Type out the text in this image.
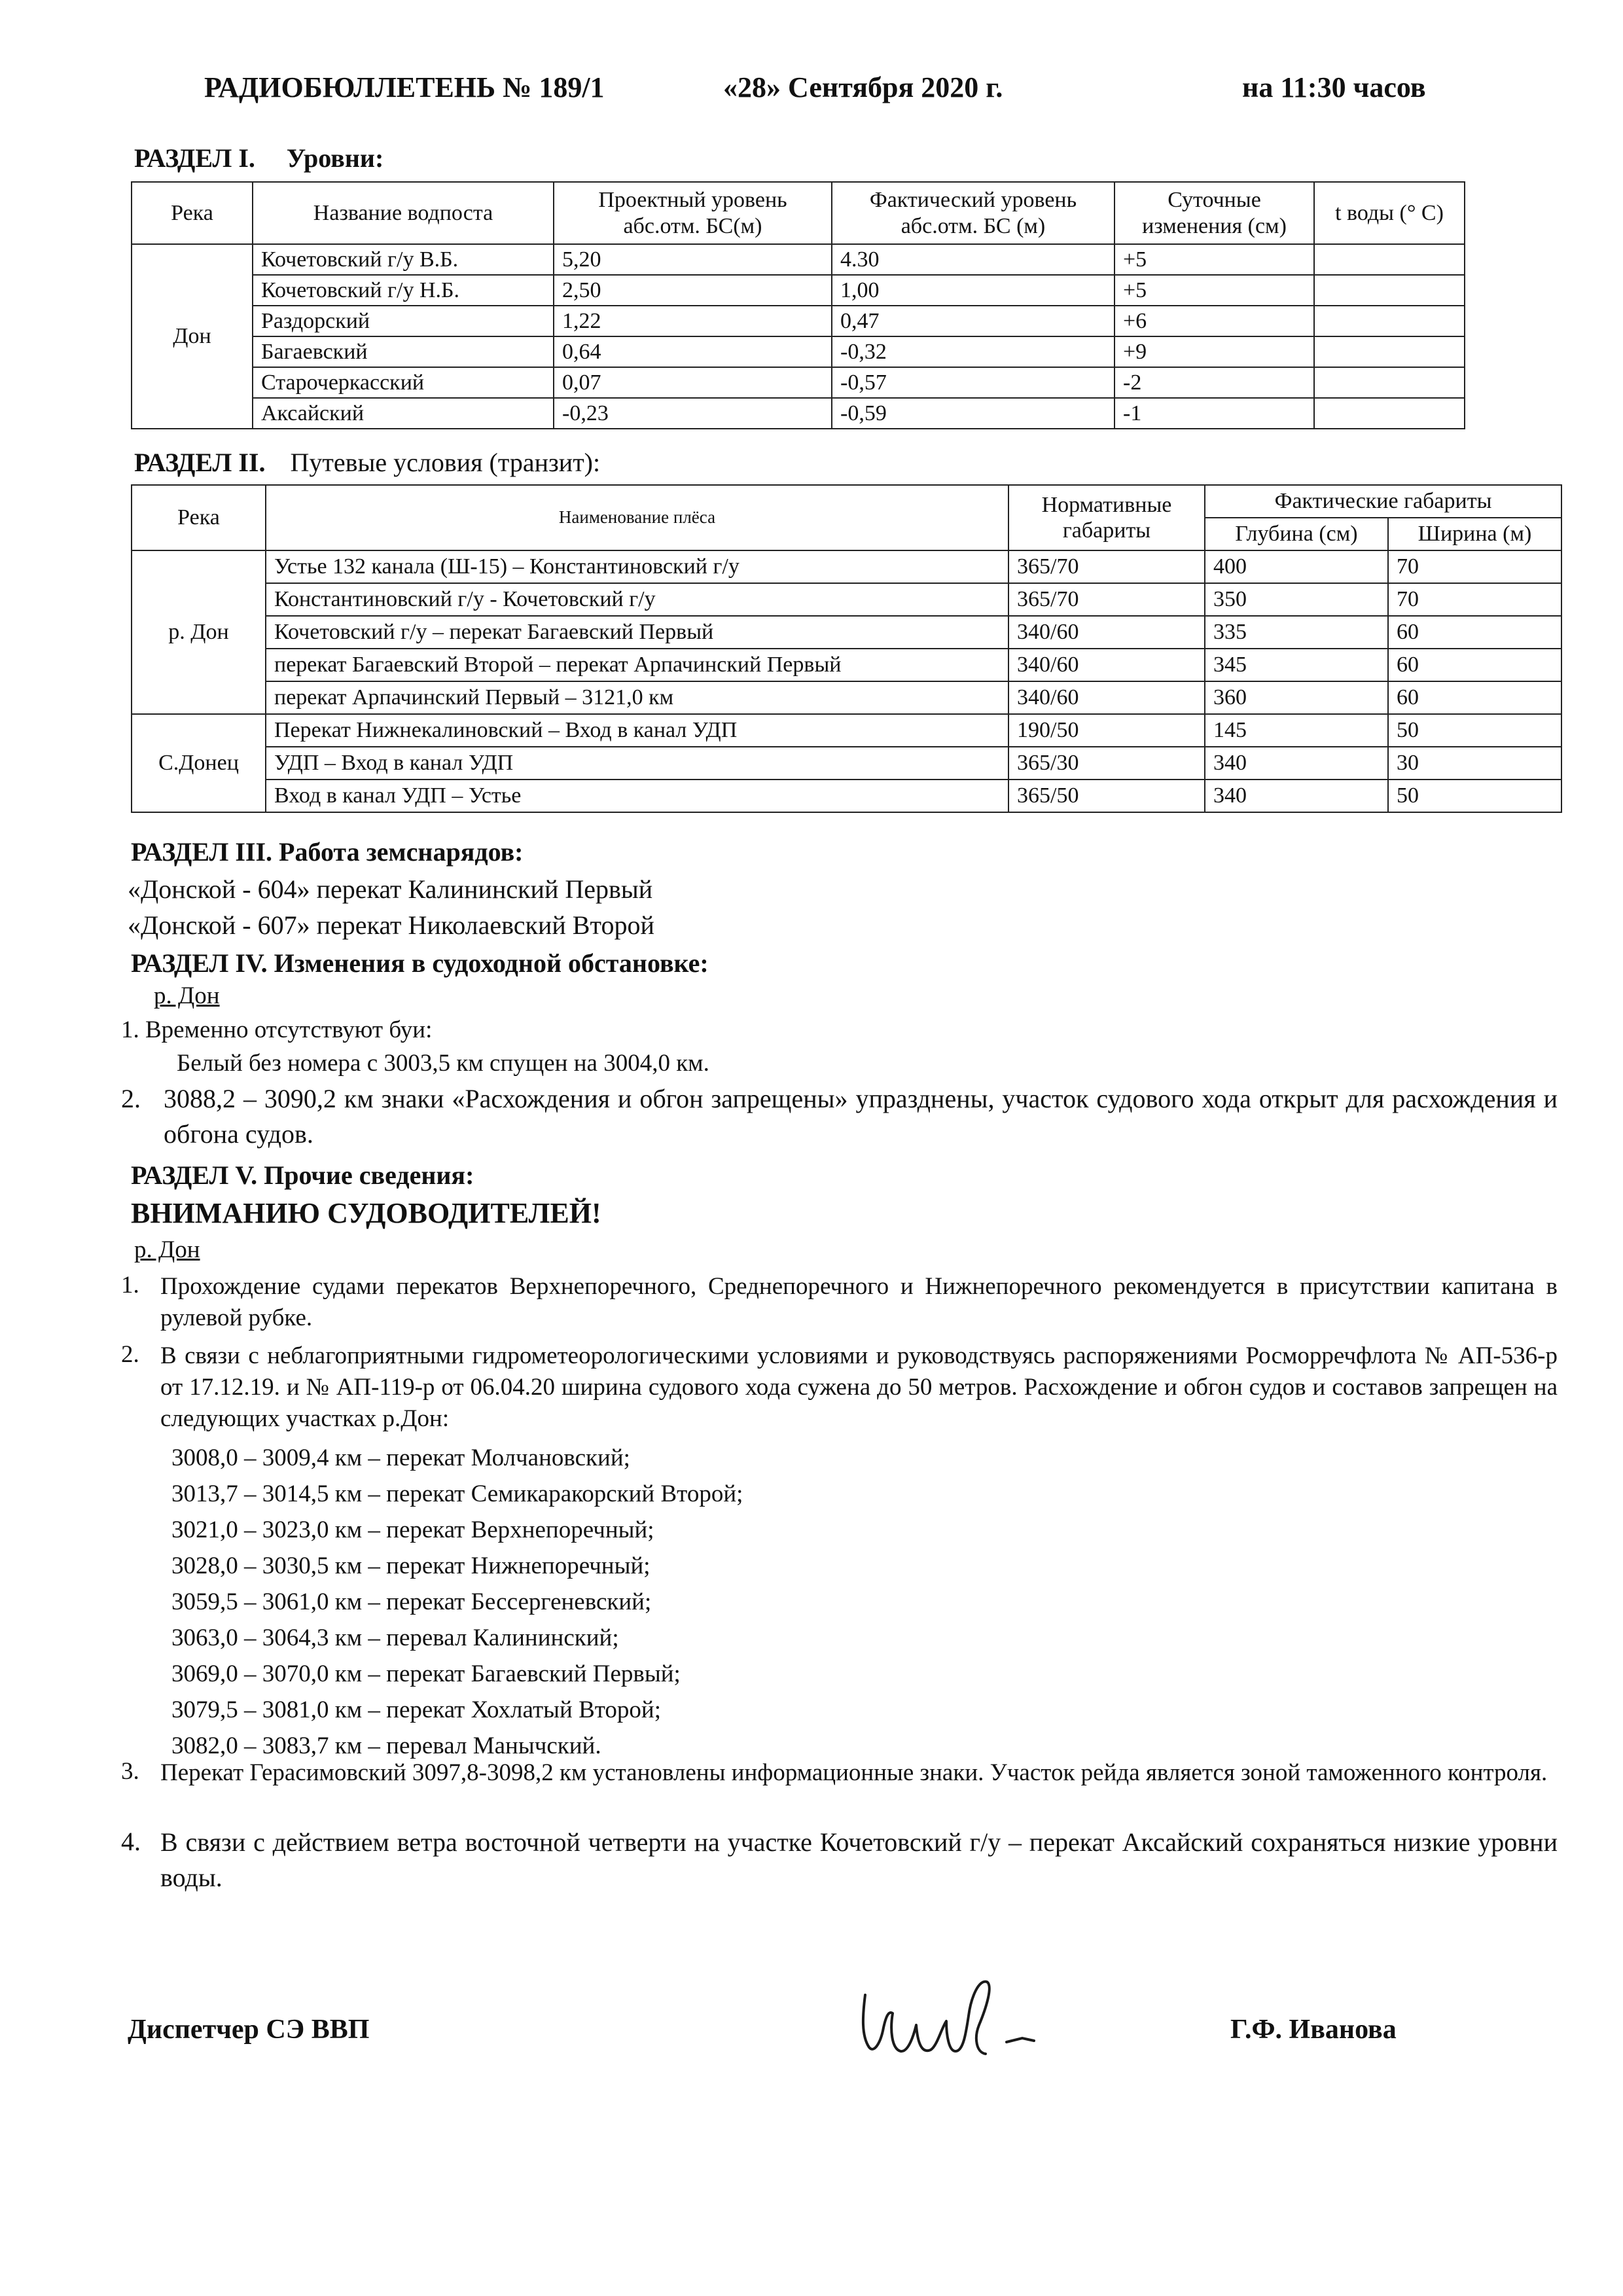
РАДИОБЮЛЛЕТЕНЬ № 189/1	«28» Сентября 2020 г.	на 11:30 часов
РАЗДЕЛ I. Уровни:
Река	Название водпоста	Проектный уровень абс.отм. БС(м)	Фактический уровень абс.отм. БС (м)	Суточные изменения (см)	t воды (° С)
Дон	Кочетовский г/у В.Б.	5,20	4.30	+5	
	Кочетовский г/у Н.Б.	2,50	1,00	+5	
	Раздорский	1,22	0,47	+6	
	Багаевский	0,64	-0,32	+9	
	Старочеркасский	0,07	-0,57	-2	
	Аксайский	-0,23	-0,59	-1	
РАЗДЕЛ II. Путевые условия (транзит):
Река	Наименование плёса	Нормативные габариты	Фактические габариты	
			Глубина (см)	Ширина (м)
р. Дон	Устье 132 канала (Ш-15) – Константиновский г/у	365/70	400	70
	Константиновский г/у - Кочетовский г/у	365/70	350	70
	Кочетовский г/у – перекат Багаевский Первый	340/60	335	60
	перекат Багаевский Второй – перекат Арпачинский Первый	340/60	345	60
	перекат Арпачинский Первый – 3121,0 км	340/60	360	60
С.Донец	Перекат Нижнекалиновский – Вход в канал УДП	190/50	145	50
	УДП – Вход в канал УДП	365/30	340	30
	Вход в канал УДП – Устье	365/50	340	50
РАЗДЕЛ III. Работа земснарядов:
«Донской - 604» перекат Калининский Первый
«Донской - 607» перекат Николаевский Второй
РАЗДЕЛ IV. Изменения в судоходной обстановке:
р. Дон
1. Временно отсутствуют буи:
Белый без номера с 3003,5 км спущен на 3004,0 км.
2. 3088,2 – 3090,2 км знаки «Расхождения и обгон запрещены» упразднены, участок судового хода открыт для расхождения и обгона судов.
РАЗДЕЛ V. Прочие сведения:
ВНИМАНИЮ СУДОВОДИТЕЛЕЙ!
р. Дон
1. Прохождение судами перекатов Верхнепоречного, Среднепоречного и Нижнепоречного рекомендуется в присутствии капитана в рулевой рубке.
2. В связи с неблагоприятными гидрометеорологическими условиями и руководствуясь распоряжениями Росморречфлота № АП-536-р от 17.12.19. и № АП-119-р от 06.04.20 ширина судового хода сужена до 50 метров. Расхождение и обгон судов и составов запрещен на следующих участках р.Дон:
3008,0 – 3009,4 км – перекат Молчановский;
3013,7 – 3014,5 км – перекат Семикаракорский Второй;
3021,0 – 3023,0 км – перекат Верхнепоречный;
3028,0 – 3030,5 км – перекат Нижнепоречный;
3059,5 – 3061,0 км – перекат Бессергеневский;
3063,0 – 3064,3 км – перевал Калининский;
3069,0 – 3070,0 км – перекат Багаевский Первый;
3079,5 – 3081,0 км – перекат Хохлатый Второй;
3082,0 – 3083,7 км – перевал Манычский.
3. Перекат Герасимовский 3097,8-3098,2 км установлены информационные знаки. Участок рейда является зоной таможенного контроля.
4. В связи с действием ветра восточной четверти на участке Кочетовский г/у – перекат Аксайский сохраняться низкие уровни воды.
Диспетчер СЭ ВВП	Г.Ф. Иванова
